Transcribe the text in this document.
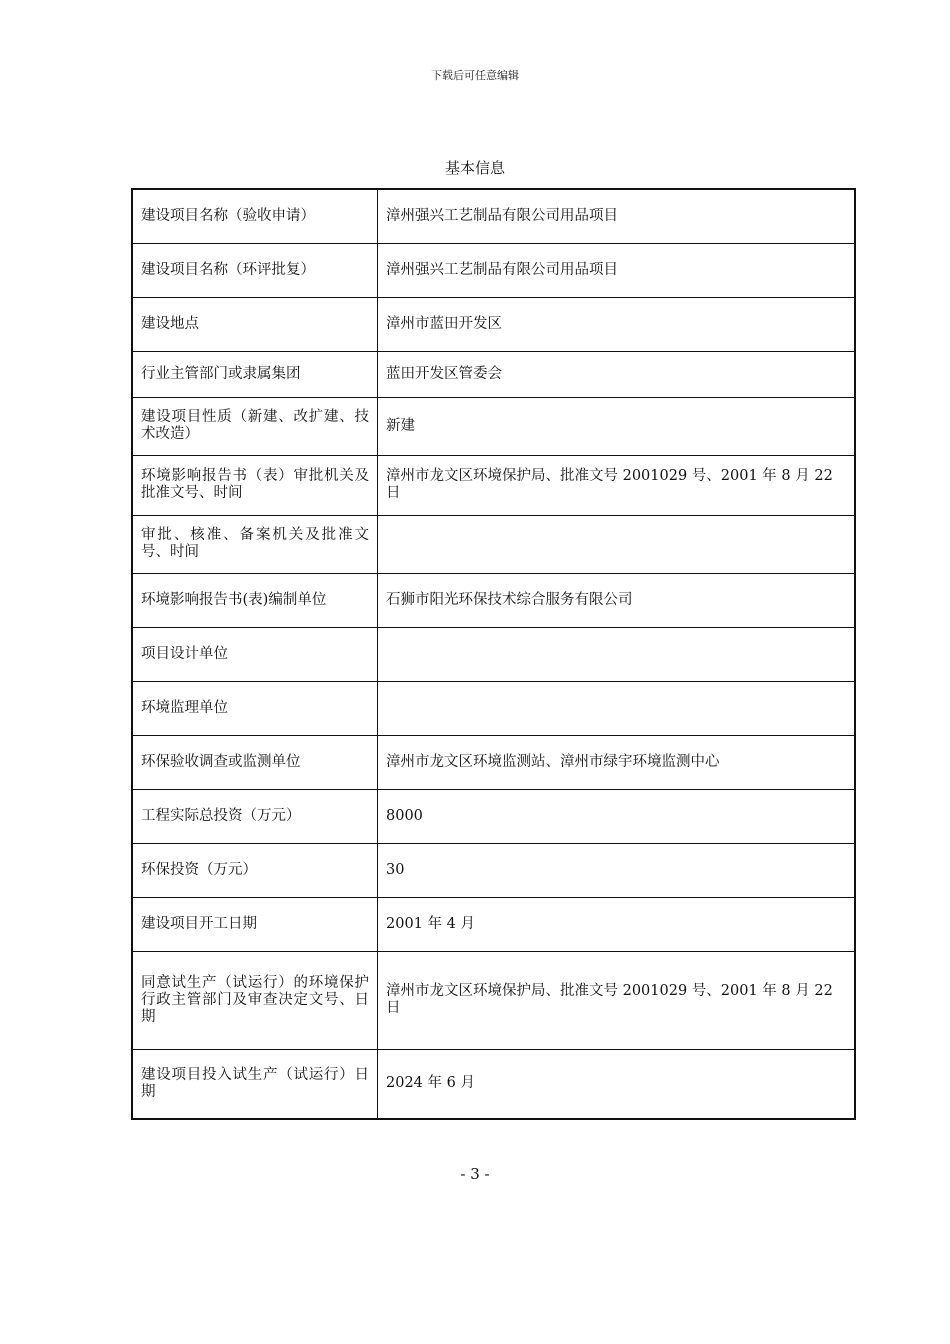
下载后可任意编辑
基本信息
建设项目名称（验收申请）	漳州强兴工艺制品有限公司用品项目
建设项目名称（环评批复）	漳州强兴工艺制品有限公司用品项目
建设地点	漳州市蓝田开发区
行业主管部门或隶属集团	蓝田开发区管委会
建设项目性质（新建、改扩建、技术改造）	新建
环境影响报告书（表）审批机关及批准文号、时间	漳州市龙文区环境保护局、批准文号 2001029 号、2001 年 8 月 22 日
审批、核准、备案机关及批准文号、时间	
环境影响报告书(表)编制单位	石狮市阳光环保技术综合服务有限公司
项目设计单位	
环境监理单位	
环保验收调查或监测单位	漳州市龙文区环境监测站、漳州市绿宇环境监测中心
工程实际总投资（万元）	8000
环保投资（万元）	30
建设项目开工日期	2001 年 4 月
同意试生产（试运行）的环境保护行政主管部门及审查决定文号、日期	漳州市龙文区环境保护局、批准文号 2001029 号、2001 年 8 月 22 日
建设项目投入试生产（试运行）日期	2024 年 6 月
- 3 -
